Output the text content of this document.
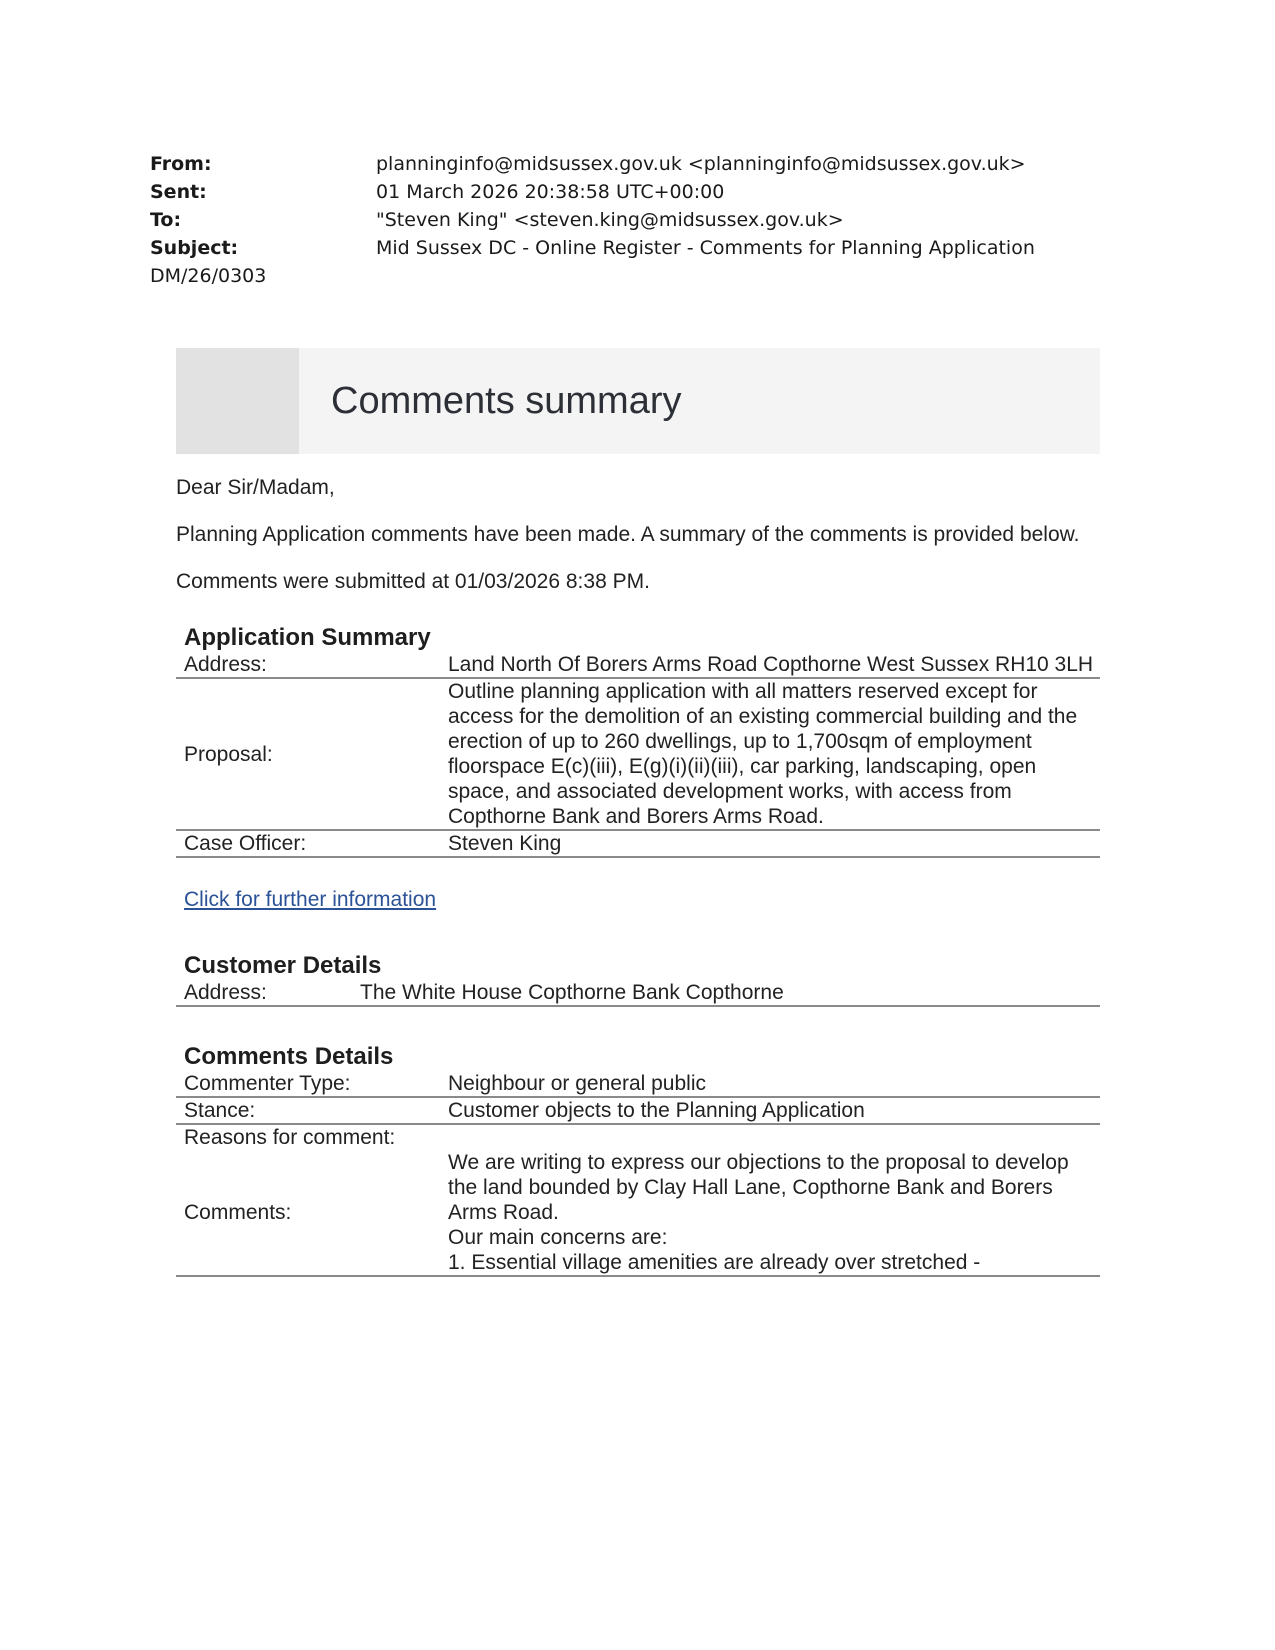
From:	planninginfo@midsussex.gov.uk <planninginfo@midsussex.gov.uk>
Sent:	01 March 2026 20:38:58 UTC+00:00
To:	"Steven King" <steven.king@midsussex.gov.uk>
Subject:	Mid Sussex DC - Online Register - Comments for Planning Application
DM/26/0303
Comments summary

Dear Sir/Madam,

Planning Application comments have been made. A summary of the comments is provided below.

Comments were submitted at 01/03/2026 8:38 PM.

Application Summary
Address:	Land North Of Borers Arms Road Copthorne West Sussex RH10 3LH
Proposal:	Outline planning application with all matters reserved except for access for the demolition of an existing commercial building and the erection of up to 260 dwellings, up to 1,700sqm of employment floorspace E(c)(iii), E(g)(i)(ii)(iii), car parking, landscaping, open space, and associated development works, with access from Copthorne Bank and Borers Arms Road.
Case Officer:	Steven King
Click for further information
Customer Details
Address:	The White House Copthorne Bank Copthorne
Comments Details
Commenter Type:	Neighbour or general public
Stance:	Customer objects to the Planning Application
Reasons for comment:	
Comments:	We are writing to express our objections to the proposal to develop the land bounded by Clay Hall Lane, Copthorne Bank and Borers Arms Road.
Our main concerns are:
1. Essential village amenities are already over stretched -
